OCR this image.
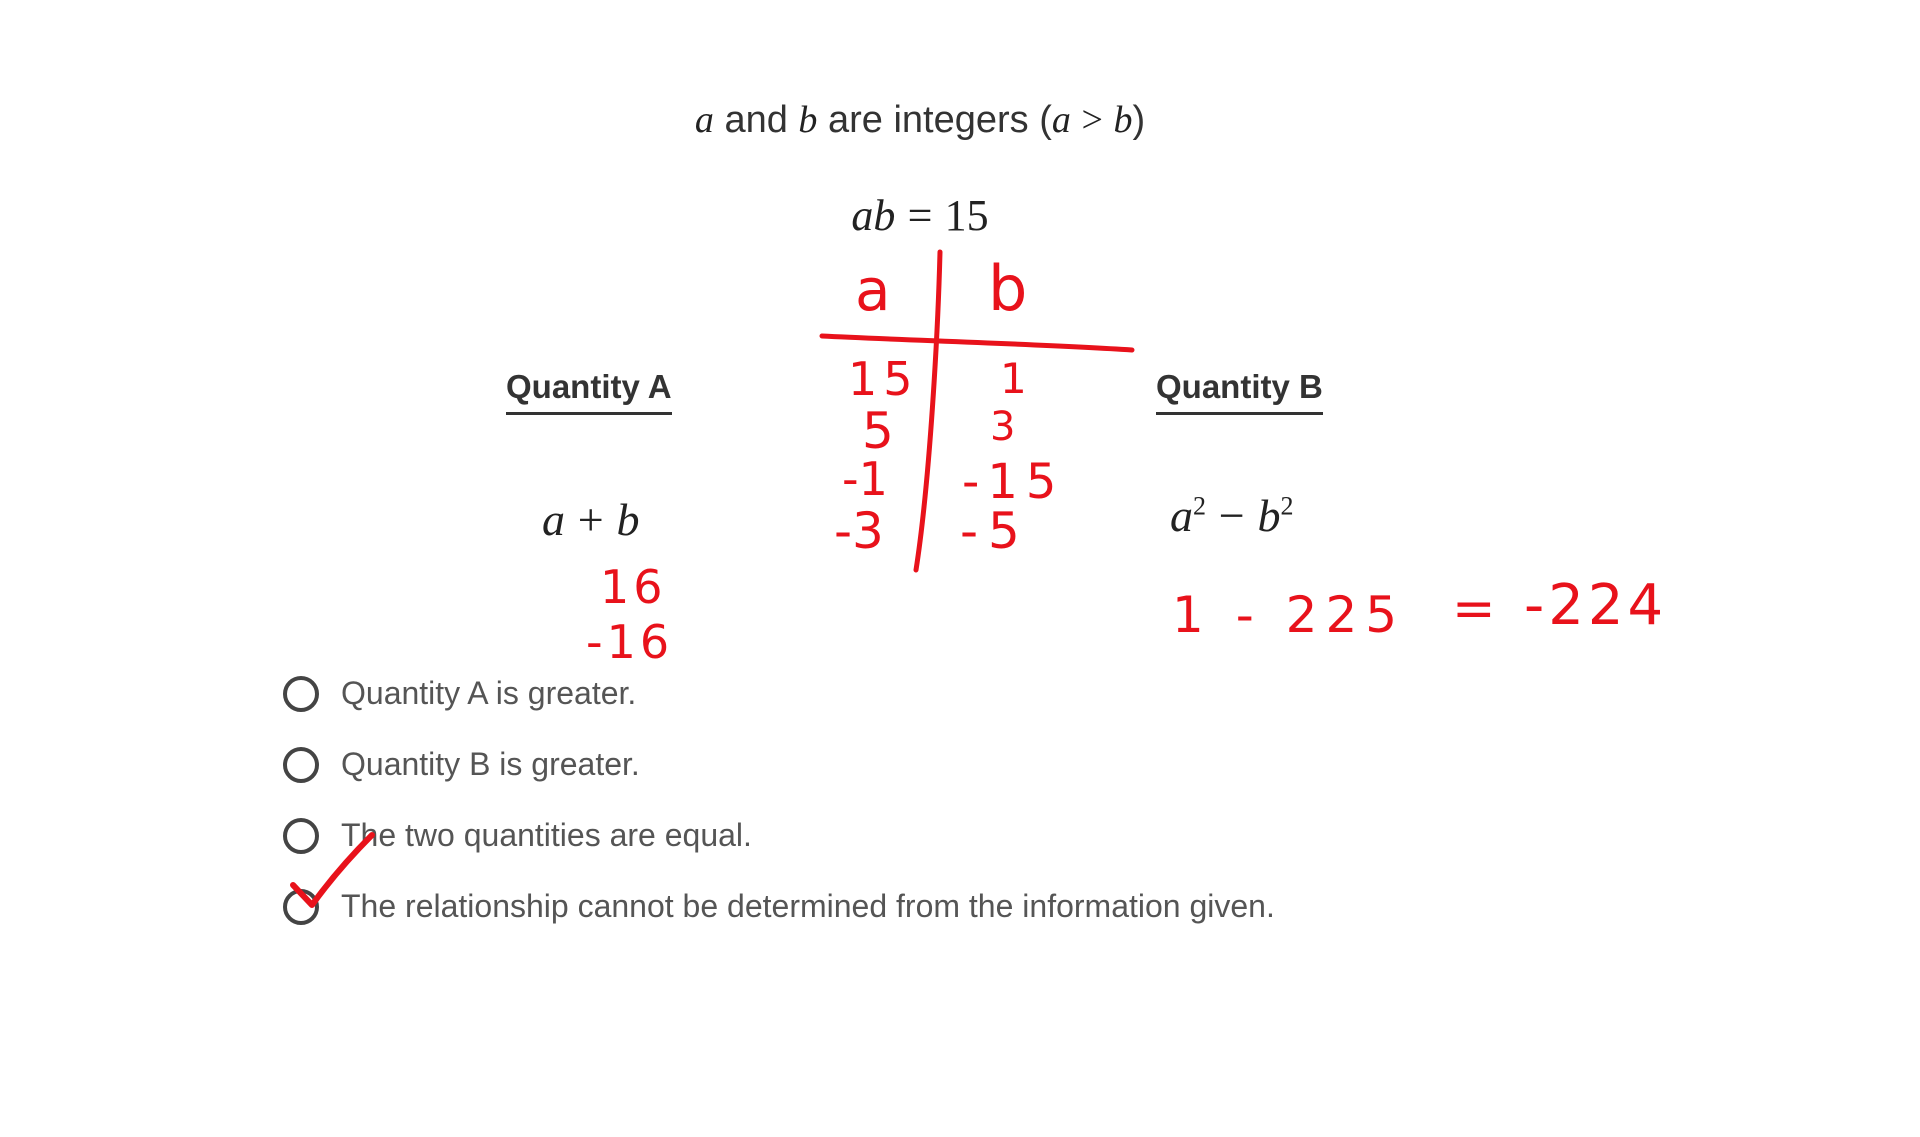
a and b are integers (a > b)
ab = 15
Quantity A	Quantity B
a + b	$a^2 - b^2$
Quantity A is greater.
Quantity B is greater.
The two quantities are equal.
The relationship cannot be determined from the information given.
a b
15 1
5 3
-1 -15
-3 -5
16
-16	1 - 225 = -224
